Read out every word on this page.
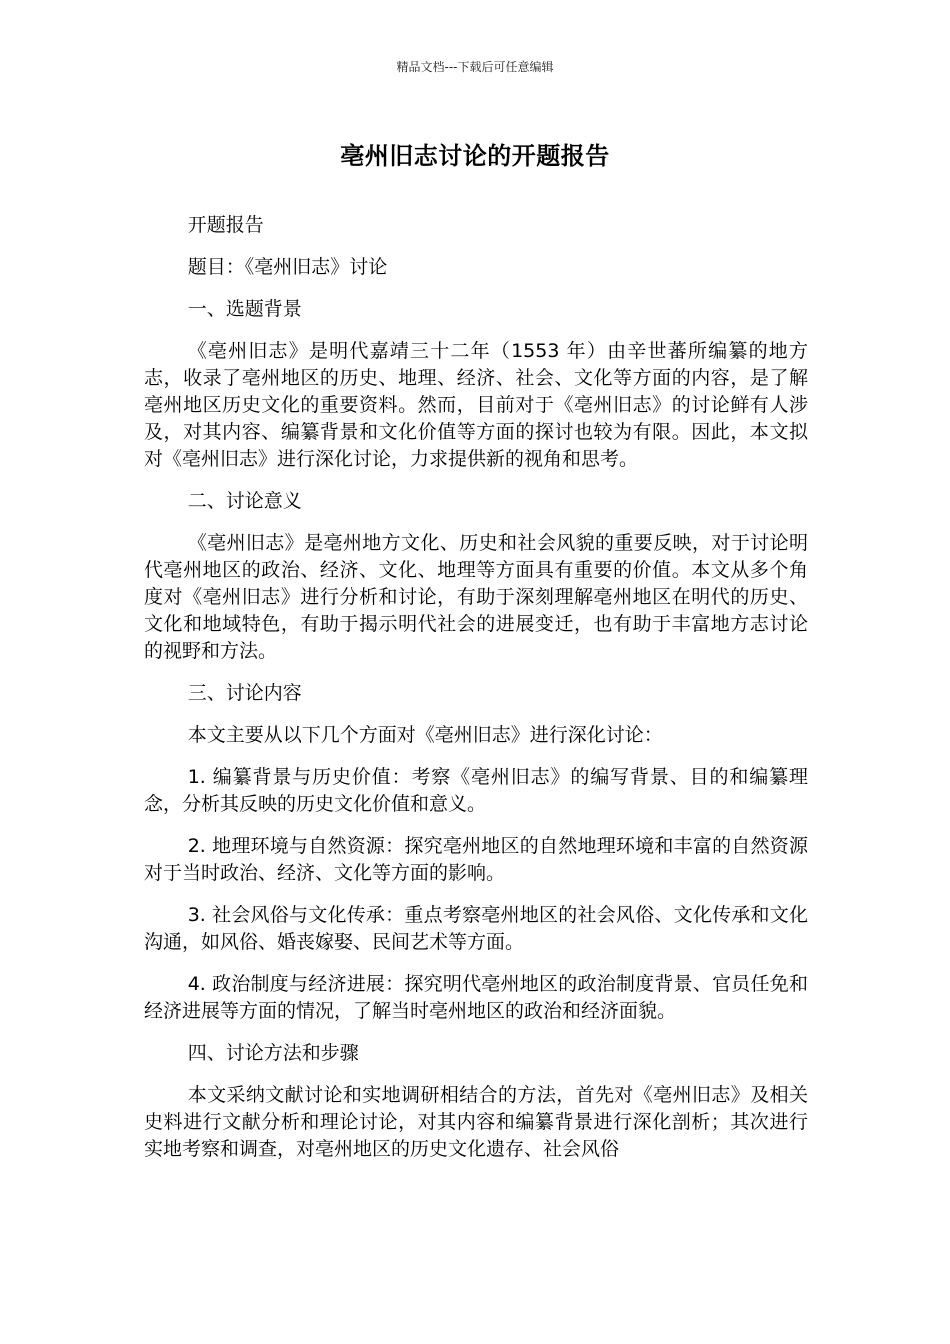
精品文档---下载后可任意编辑
亳州旧志讨论的开题报告

开题报告

题目：《亳州旧志》讨论

一、选题背景

《亳州旧志》是明代嘉靖三十二年（1553 年）由辛世蕃所编纂的地方志，收录了亳州地区的历史、地理、经济、社会、文化等方面的内容，是了解亳州地区历史文化的重要资料。然而，目前对于《亳州旧志》的讨论鲜有人涉及，对其内容、编纂背景和文化价值等方面的探讨也较为有限。因此，本文拟对《亳州旧志》进行深化讨论，力求提供新的视角和思考。

二、讨论意义

《亳州旧志》是亳州地方文化、历史和社会风貌的重要反映，对于讨论明代亳州地区的政治、经济、文化、地理等方面具有重要的价值。本文从多个角度对《亳州旧志》进行分析和讨论，有助于深刻理解亳州地区在明代的历史、文化和地域特色，有助于揭示明代社会的进展变迁，也有助于丰富地方志讨论的视野和方法。

三、讨论内容

本文主要从以下几个方面对《亳州旧志》进行深化讨论：

1. 编纂背景与历史价值：考察《亳州旧志》的编写背景、目的和编纂理念，分析其反映的历史文化价值和意义。

2. 地理环境与自然资源：探究亳州地区的自然地理环境和丰富的自然资源对于当时政治、经济、文化等方面的影响。

3. 社会风俗与文化传承：重点考察亳州地区的社会风俗、文化传承和文化沟通，如风俗、婚丧嫁娶、民间艺术等方面。

4. 政治制度与经济进展：探究明代亳州地区的政治制度背景、官员任免和经济进展等方面的情况，了解当时亳州地区的政治和经济面貌。

四、讨论方法和步骤

本文采纳文献讨论和实地调研相结合的方法，首先对《亳州旧志》及相关史料进行文献分析和理论讨论，对其内容和编纂背景进行深化剖析；其次进行实地考察和调查，对亳州地区的历史文化遗存、社会风俗
